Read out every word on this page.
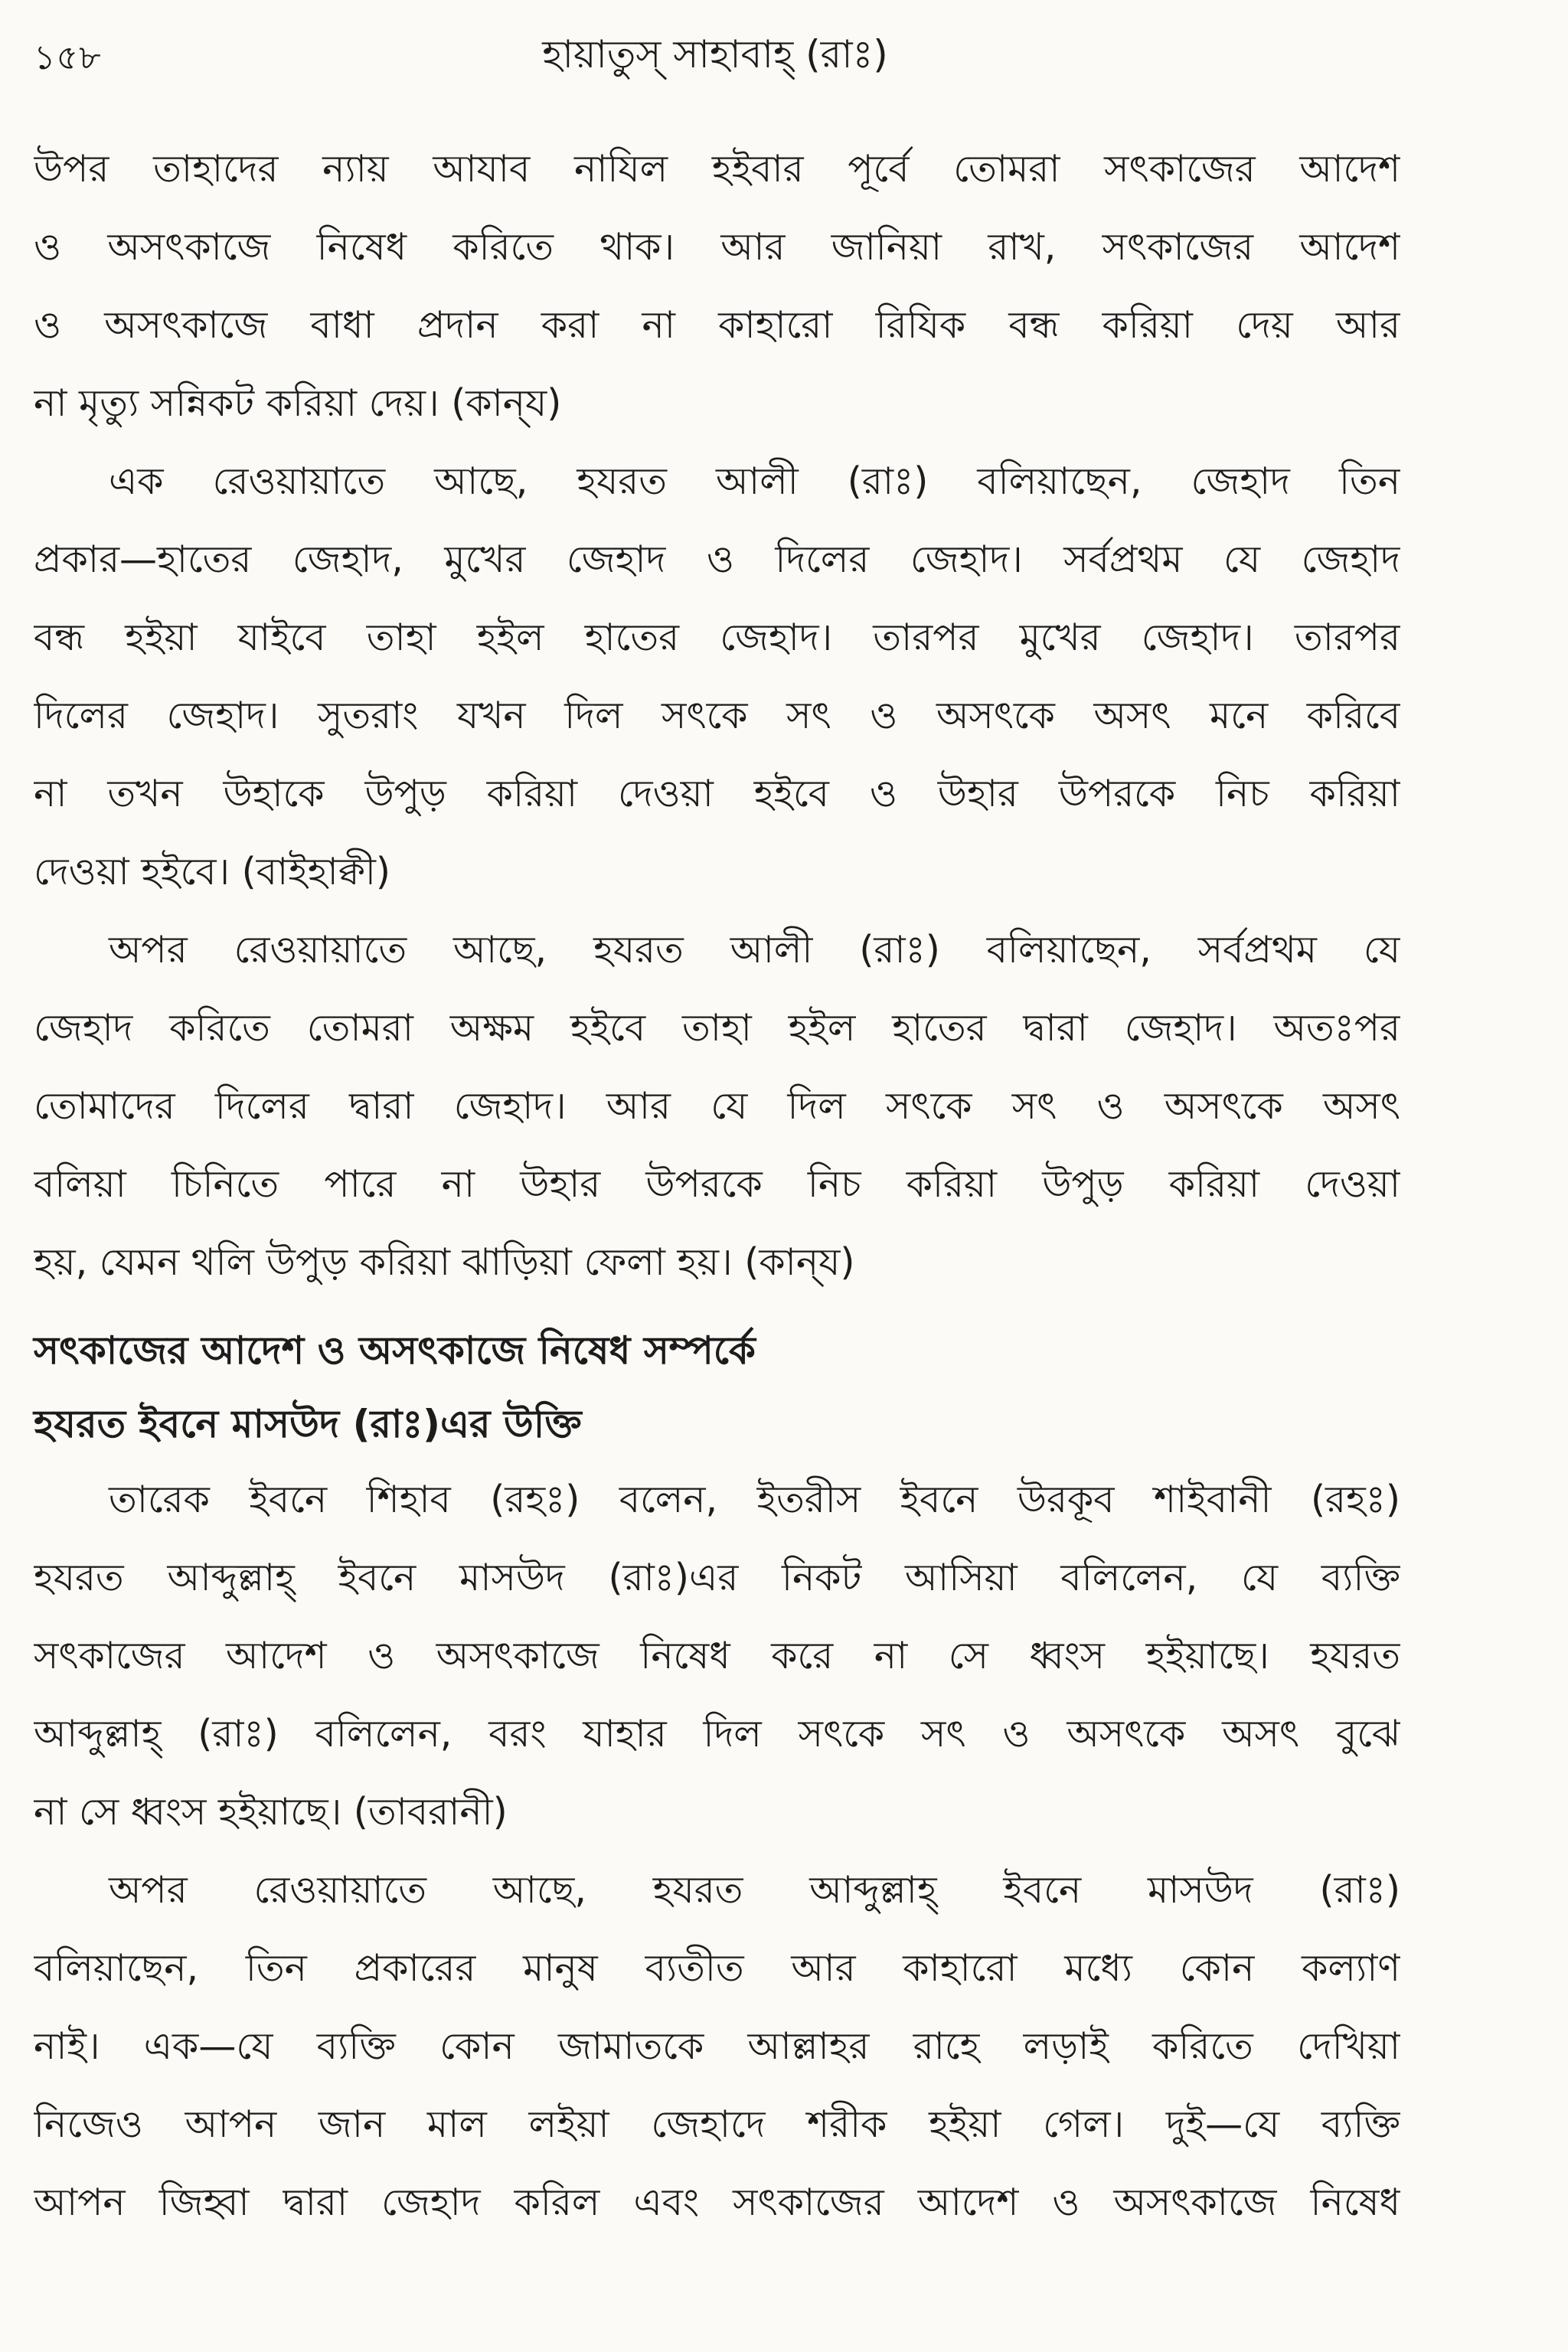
১৫৮	হায়াতুস্ সাহাবাহ্ (রাঃ)
উপর তাহাদের ন্যায় আযাব নাযিল হইবার পূর্বে তোমরা সৎকাজের আদেশ
ও অসৎকাজে নিষেধ করিতে থাক। আর জানিয়া রাখ, সৎকাজের আদেশ
ও অসৎকাজে বাধা প্রদান করা না কাহারো রিযিক বন্ধ করিয়া দেয় আর
না মৃত্যু সন্নিকট করিয়া দেয়। (কান্‌য)
এক রেওয়ায়াতে আছে, হযরত আলী (রাঃ) বলিয়াছেন, জেহাদ তিন
প্রকার—হাতের জেহাদ, মুখের জেহাদ ও দিলের জেহাদ। সর্বপ্রথম যে জেহাদ
বন্ধ হইয়া যাইবে তাহা হইল হাতের জেহাদ। তারপর মুখের জেহাদ। তারপর
দিলের জেহাদ। সুতরাং যখন দিল সৎকে সৎ ও অসৎকে অসৎ মনে করিবে
না তখন উহাকে উপুড় করিয়া দেওয়া হইবে ও উহার উপরকে নিচ করিয়া
দেওয়া হইবে। (বাইহাক্বী)
অপর রেওয়ায়াতে আছে, হযরত আলী (রাঃ) বলিয়াছেন, সর্বপ্রথম যে
জেহাদ করিতে তোমরা অক্ষম হইবে তাহা হইল হাতের দ্বারা জেহাদ। অতঃপর
তোমাদের দিলের দ্বারা জেহাদ। আর যে দিল সৎকে সৎ ও অসৎকে অসৎ
বলিয়া চিনিতে পারে না উহার উপরকে নিচ করিয়া উপুড় করিয়া দেওয়া
হয়, যেমন থলি উপুড় করিয়া ঝাড়িয়া ফেলা হয়। (কান্‌য)
সৎকাজের আদেশ ও অসৎকাজে নিষেধ সম্পর্কে
হযরত ইবনে মাসউদ (রাঃ)এর উক্তি
তারেক ইবনে শিহাব (রহঃ) বলেন, ইতরীস ইবনে উরকূব শাইবানী (রহঃ)
হযরত আব্দুল্লাহ্ ইবনে মাসউদ (রাঃ)এর নিকট আসিয়া বলিলেন, যে ব্যক্তি
সৎকাজের আদেশ ও অসৎকাজে নিষেধ করে না সে ধ্বংস হইয়াছে। হযরত
আব্দুল্লাহ্ (রাঃ) বলিলেন, বরং যাহার দিল সৎকে সৎ ও অসৎকে অসৎ বুঝে
না সে ধ্বংস হইয়াছে। (তাবরানী)
অপর রেওয়ায়াতে আছে, হযরত আব্দুল্লাহ্ ইবনে মাসউদ (রাঃ)
বলিয়াছেন, তিন প্রকারের মানুষ ব্যতীত আর কাহারো মধ্যে কোন কল্যাণ
নাই। এক—যে ব্যক্তি কোন জামাতকে আল্লাহর রাহে লড়াই করিতে দেখিয়া
নিজেও আপন জান মাল লইয়া জেহাদে শরীক হইয়া গেল। দুই—যে ব্যক্তি
আপন জিহ্বা দ্বারা জেহাদ করিল এবং সৎকাজের আদেশ ও অসৎকাজে নিষেধ
